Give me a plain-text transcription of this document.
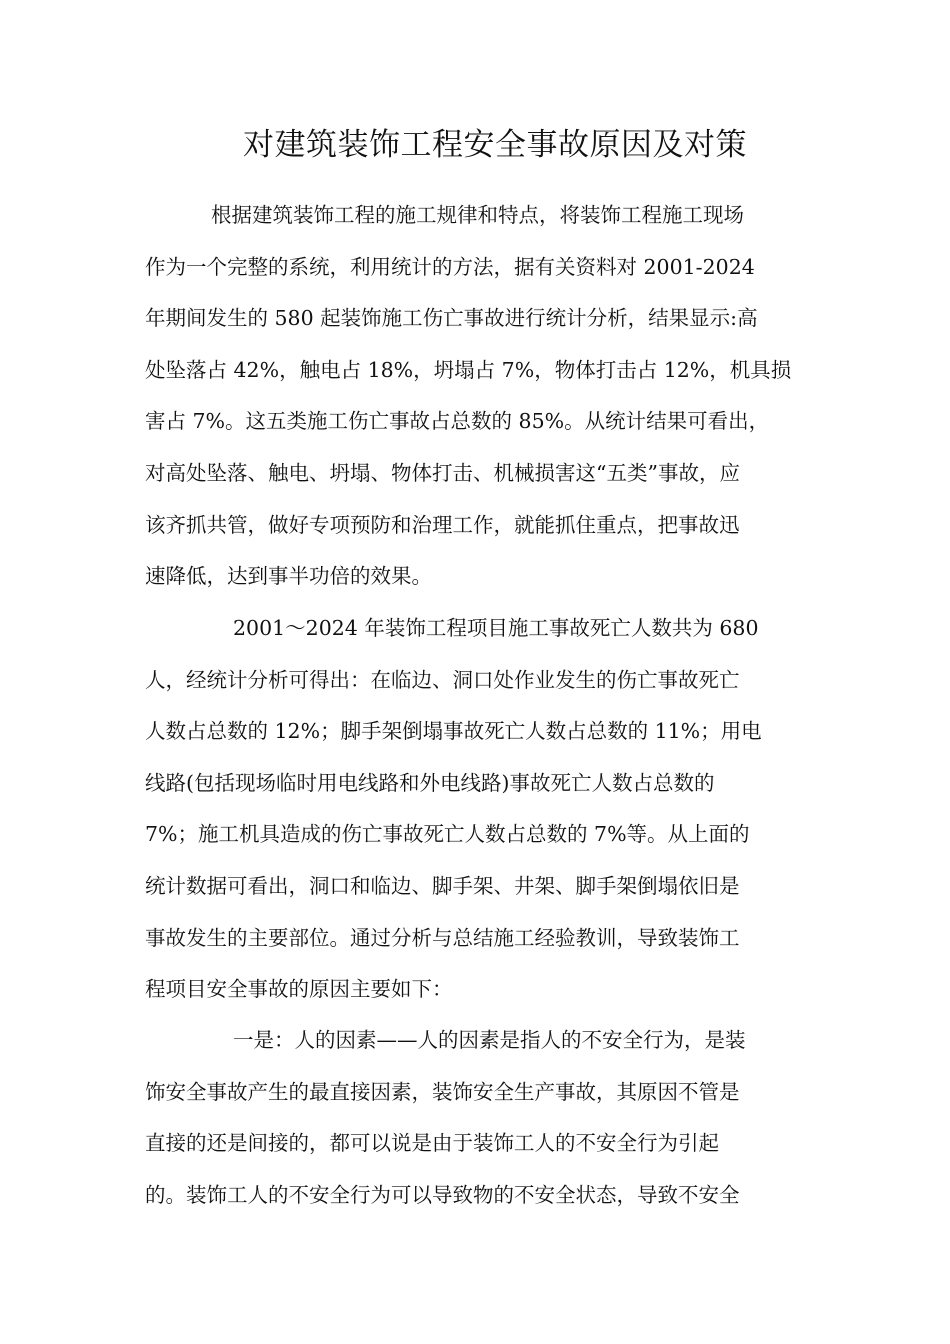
对建筑装饰工程安全事故原因及对策
根据建筑装饰工程的施工规律和特点，将装饰工程施工现场
作为一个完整的系统，利用统计的方法，据有关资料对 2001-2024
年期间发生的 580 起装饰施工伤亡事故进行统计分析，结果显示:高
处坠落占 42%，触电占 18%，坍塌占 7%，物体打击占 12%，机具损
害占 7%。这五类施工伤亡事故占总数的 85%。从统计结果可看出，
对高处坠落、触电、坍塌、物体打击、机械损害这“五类”事故，应
该齐抓共管，做好专项预防和治理工作，就能抓住重点，把事故迅
速降低，达到事半功倍的效果。
2001～2024 年装饰工程项目施工事故死亡人数共为 680
人，经统计分析可得出：在临边、洞口处作业发生的伤亡事故死亡
人数占总数的 12%；脚手架倒塌事故死亡人数占总数的 11%；用电
线路(包括现场临时用电线路和外电线路)事故死亡人数占总数的
7%；施工机具造成的伤亡事故死亡人数占总数的 7%等。从上面的
统计数据可看出，洞口和临边、脚手架、井架、脚手架倒塌依旧是
事故发生的主要部位。通过分析与总结施工经验教训，导致装饰工
程项目安全事故的原因主要如下：
一是：人的因素——人的因素是指人的不安全行为，是装
饰安全事故产生的最直接因素，装饰安全生产事故，其原因不管是
直接的还是间接的，都可以说是由于装饰工人的不安全行为引起
的。装饰工人的不安全行为可以导致物的不安全状态，导致不安全
